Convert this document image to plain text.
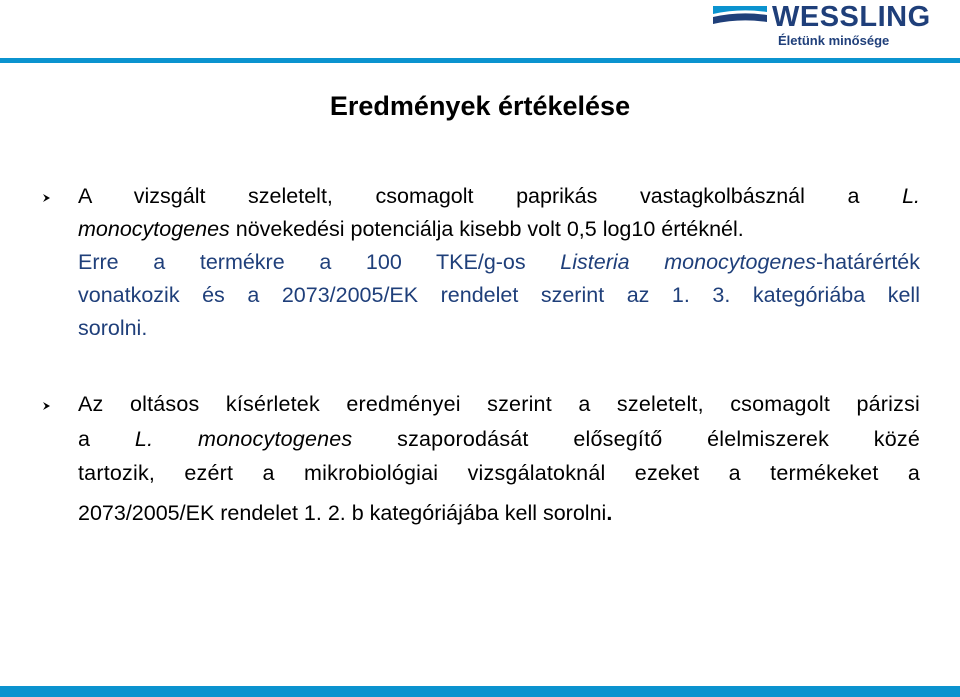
WESSLING
Életünk minősége
Eredmények értékelése
A vizsgált szeletelt, csomagolt paprikás vastagkolbásznál a L.
monocytogenes növekedési potenciálja kisebb volt 0,5 log10 értéknél.
Erre a termékre a 100 TKE/g-os Listeria monocytogenes-határérték
vonatkozik és a 2073/2005/EK rendelet szerint az 1. 3. kategóriába kell
sorolni.
Az oltásos kísérletek eredményei szerint a szeletelt, csomagolt párizsi
a L. monocytogenes szaporodását elősegítő élelmiszerek közé
tartozik, ezért a mikrobiológiai vizsgálatoknál ezeket a termékeket a
2073/2005/EK rendelet 1. 2. b kategóriájába kell sorolni.
